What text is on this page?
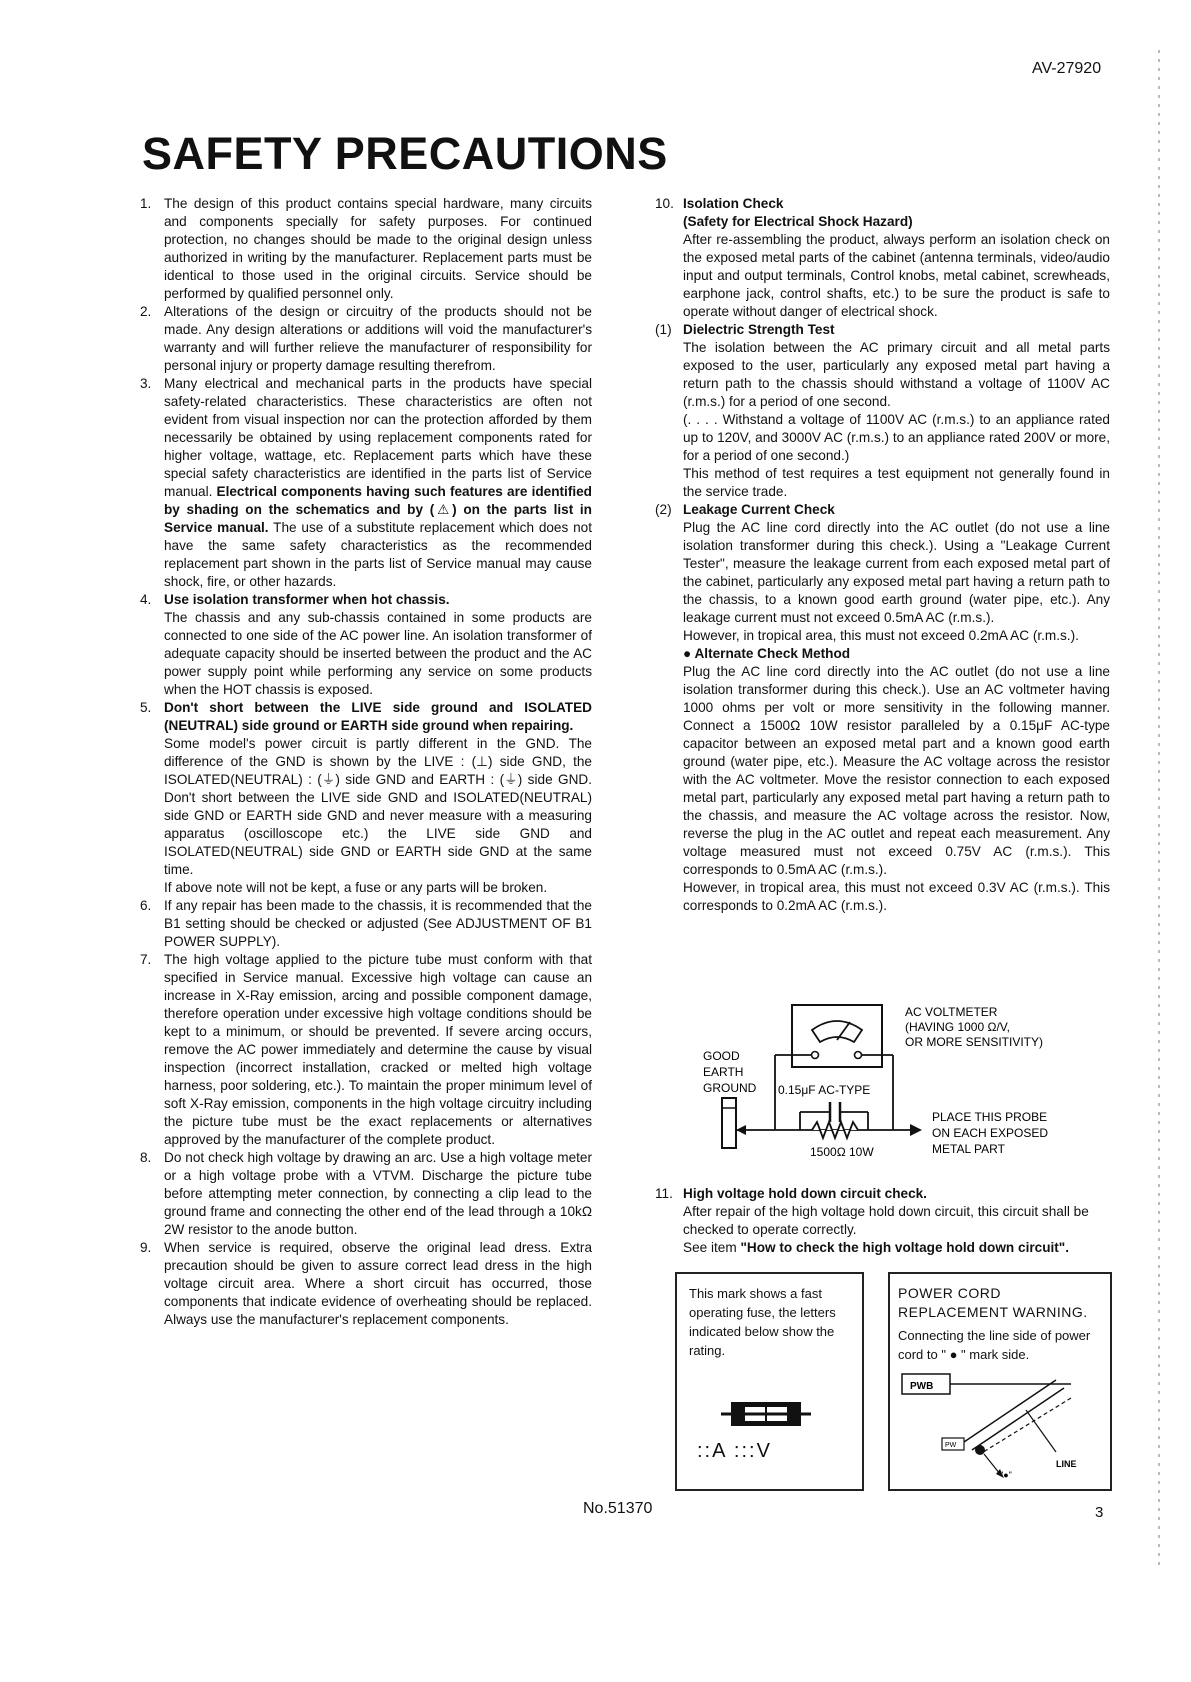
AV-27920
SAFETY PRECAUTIONS
1. The design of this product contains special hardware, many circuits and components specially for safety purposes. For continued protection, no changes should be made to the original design unless authorized in writing by the manufacturer. Replacement parts must be identical to those used in the original circuits. Service should be performed by qualified personnel only.

2. Alterations of the design or circuitry of the products should not be made. Any design alterations or additions will void the manufacturer's warranty and will further relieve the manufacturer of responsibility for personal injury or property damage resulting therefrom.

3. Many electrical and mechanical parts in the products have special safety-related characteristics. These characteristics are often not evident from visual inspection nor can the protection afforded by them necessarily be obtained by using replacement components rated for higher voltage, wattage, etc. Replacement parts which have these special safety characteristics are identified in the parts list of Service manual. Electrical components having such features are identified by shading on the schematics and by (⚠) on the parts list in Service manual. The use of a substitute replacement which does not have the same safety characteristics as the recommended replacement part shown in the parts list of Service manual may cause shock, fire, or other hazards.

4. Use isolation transformer when hot chassis.

The chassis and any sub-chassis contained in some products are connected to one side of the AC power line. An isolation transformer of adequate capacity should be inserted between the product and the AC power supply point while performing any service on some products when the HOT chassis is exposed.

5. Don't short between the LIVE side ground and ISOLATED (NEUTRAL) side ground or EARTH side ground when repairing.

Some model's power circuit is partly different in the GND. The difference of the GND is shown by the LIVE : (⊥) side GND, the ISOLATED(NEUTRAL) : (⏚) side GND and EARTH : (⏚) side GND. Don't short between the LIVE side GND and ISOLATED(NEUTRAL) side GND or EARTH side GND and never measure with a measuring apparatus (oscilloscope etc.) the LIVE side GND and ISOLATED(NEUTRAL) side GND or EARTH side GND at the same time.

If above note will not be kept, a fuse or any parts will be broken.

6. If any repair has been made to the chassis, it is recommended that the B1 setting should be checked or adjusted (See ADJUSTMENT OF B1 POWER SUPPLY).

7. The high voltage applied to the picture tube must conform with that specified in Service manual. Excessive high voltage can cause an increase in X-Ray emission, arcing and possible component damage, therefore operation under excessive high voltage conditions should be kept to a minimum, or should be prevented. If severe arcing occurs, remove the AC power immediately and determine the cause by visual inspection (incorrect installation, cracked or melted high voltage harness, poor soldering, etc.). To maintain the proper minimum level of soft X-Ray emission, components in the high voltage circuitry including the picture tube must be the exact replacements or alternatives approved by the manufacturer of the complete product.

8. Do not check high voltage by drawing an arc. Use a high voltage meter or a high voltage probe with a VTVM. Discharge the picture tube before attempting meter connection, by connecting a clip lead to the ground frame and connecting the other end of the lead through a 10kΩ 2W resistor to the anode button.

9. When service is required, observe the original lead dress. Extra precaution should be given to assure correct lead dress in the high voltage circuit area. Where a short circuit has occurred, those components that indicate evidence of overheating should be replaced. Always use the manufacturer's replacement components.

10. Isolation Check

(Safety for Electrical Shock Hazard)

After re-assembling the product, always perform an isolation check on the exposed metal parts of the cabinet (antenna terminals, video/audio input and output terminals, Control knobs, metal cabinet, screwheads, earphone jack, control shafts, etc.) to be sure the product is safe to operate without danger of electrical shock.

(1) Dielectric Strength Test

The isolation between the AC primary circuit and all metal parts exposed to the user, particularly any exposed metal part having a return path to the chassis should withstand a voltage of 1100V AC (r.m.s.) for a period of one second.

(. . . . Withstand a voltage of 1100V AC (r.m.s.) to an appliance rated up to 120V, and 3000V AC (r.m.s.) to an appliance rated 200V or more, for a period of one second.)

This method of test requires a test equipment not generally found in the service trade.

(2) Leakage Current Check

Plug the AC line cord directly into the AC outlet (do not use a line isolation transformer during this check.). Using a "Leakage Current Tester", measure the leakage current from each exposed metal part of the cabinet, particularly any exposed metal part having a return path to the chassis, to a known good earth ground (water pipe, etc.). Any leakage current must not exceed 0.5mA AC (r.m.s.).

However, in tropical area, this must not exceed 0.2mA AC (r.m.s.).

● Alternate Check Method

Plug the AC line cord directly into the AC outlet (do not use a line isolation transformer during this check.). Use an AC voltmeter having 1000 ohms per volt or more sensitivity in the following manner. Connect a 1500Ω 10W resistor paralleled by a 0.15μF AC-type capacitor between an exposed metal part and a known good earth ground (water pipe, etc.). Measure the AC voltage across the resistor with the AC voltmeter. Move the resistor connection to each exposed metal part, particularly any exposed metal part having a return path to the chassis, and measure the AC voltage across the resistor. Now, reverse the plug in the AC outlet and repeat each measurement. Any voltage measured must not exceed 0.75V AC (r.m.s.). This corresponds to 0.5mA AC (r.m.s.).

However, in tropical area, this must not exceed 0.3V AC (r.m.s.). This corresponds to 0.2mA AC (r.m.s.).

AC VOLTMETER
(HAVING 1000 Ω/V,
OR MORE SENSITIVITY)
GOOD
EARTH
GROUND 0.15μF AC-TYPE
1500Ω 10W
PLACE THIS PROBE
ON EACH EXPOSED
METAL PART
11. High voltage hold down circuit check.

After repair of the high voltage hold down circuit, this circuit shall be checked to operate correctly.

See item "How to check the high voltage hold down circuit".

This mark shows a fast operating fuse, the letters indicated below show the rating.

::A :::V

POWER CORD

REPLACEMENT WARNING.

Connecting the line side of power cord to " ● " mark side.

PWB
PW
LINE
"●"
No.51370	3
